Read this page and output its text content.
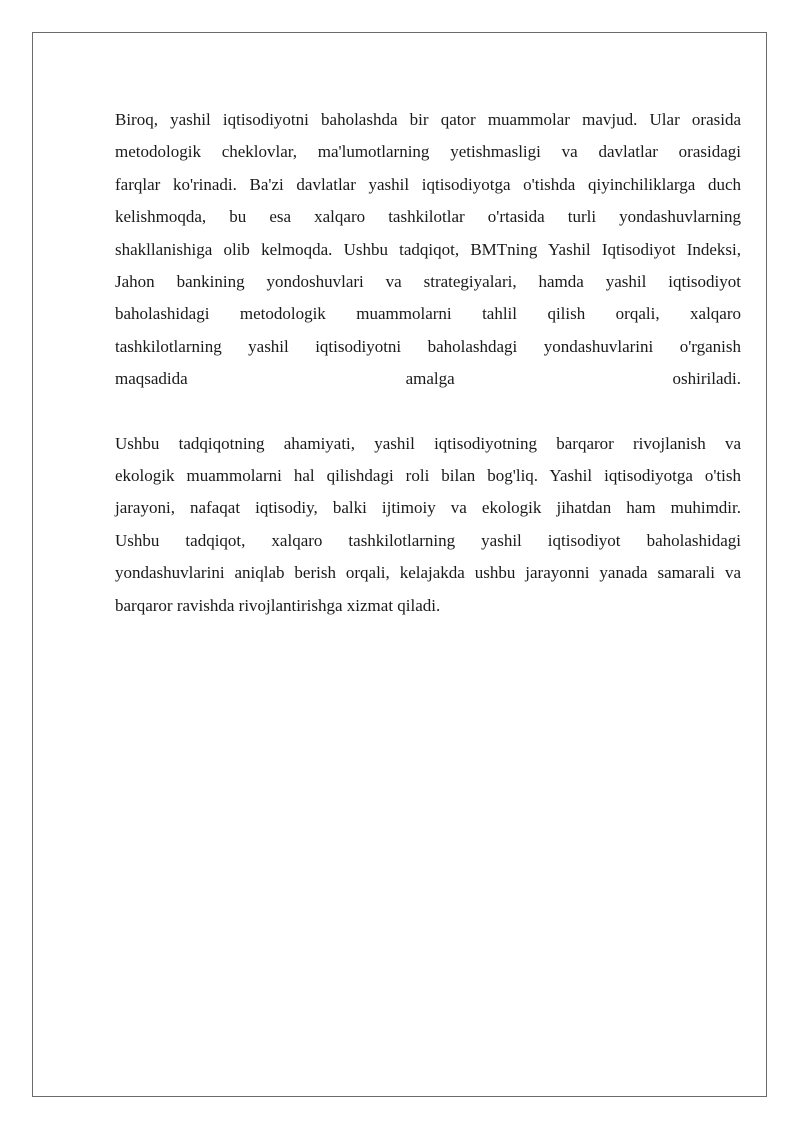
Biroq, yashil iqtisodiyotni baholashda bir qator muammolar mavjud. Ular orasida
metodologik cheklovlar, ma'lumotlarning yetishmasligi va davlatlar orasidagi
farqlar ko'rinadi. Ba'zi davlatlar yashil iqtisodiyotga o'tishda qiyinchiliklarga duch
kelishmoqda, bu esa xalqaro tashkilotlar o'rtasida turli yondashuvlarning
shakllanishiga olib kelmoqda. Ushbu tadqiqot, BMTning Yashil Iqtisodiyot Indeksi,
Jahon bankining yondoshuvlari va strategiyalari, hamda yashil iqtisodiyot
baholashidagi metodologik muammolarni tahlil qilish orqali, xalqaro
tashkilotlarning yashil iqtisodiyotni baholashdagi yondashuvlarini o'rganish
maqsadida amalga oshiriladi.

Ushbu tadqiqotning ahamiyati, yashil iqtisodiyotning barqaror rivojlanish va
ekologik muammolarni hal qilishdagi roli bilan bog'liq. Yashil iqtisodiyotga o'tish
jarayoni, nafaqat iqtisodiy, balki ijtimoiy va ekologik jihatdan ham muhimdir.
Ushbu tadqiqot, xalqaro tashkilotlarning yashil iqtisodiyot baholashidagi
yondashuvlarini aniqlab berish orqali, kelajakda ushbu jarayonni yanada samarali va
barqaror ravishda rivojlantirishga xizmat qiladi.
